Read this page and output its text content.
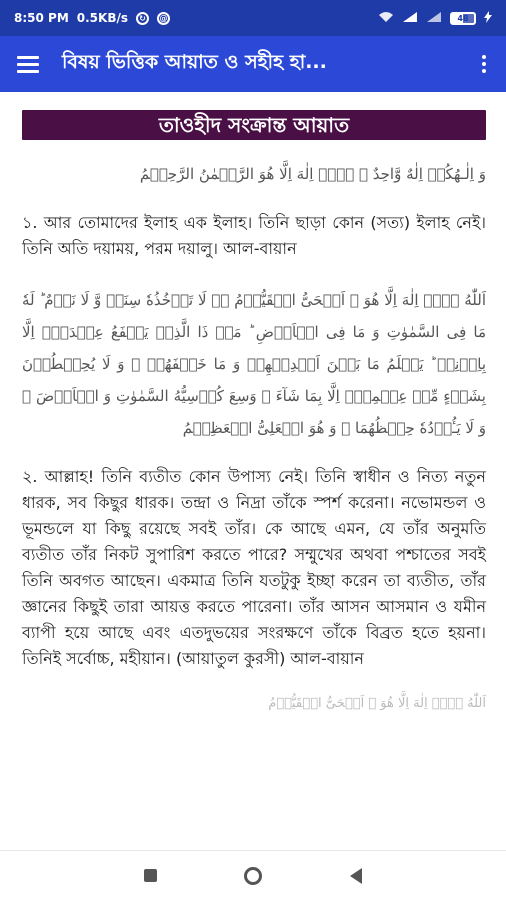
8:50 PM 0.5KB/s	↻	@	48
বিষয় ভিত্তিক আয়াত ও সহীহ হা...
তাওহীদ সংক্রান্ত আয়াত

وَ اِلٰـهُكُمۡ اِلٰهٌ وَّاحِدٌ ۚ لَاۤ اِلٰهَ اِلَّا هُوَ الرَّحۡمٰنُ الرَّحِیۡمُ

১. আর তোমাদের ইলাহ এক ইলাহ। তিনি ছাড়া কোন (সত্য) ইলাহ নেই। তিনি অতি দয়াময়, পরম দয়ালু। আল-বায়ান

اَللّٰهُ لَاۤ اِلٰهَ اِلَّا هُوَ ۚ اَلۡحَیُّ الۡقَیُّوۡمُ ۬ۚ لَا تَاۡخُذُهٗ سِنَۃٌ وَّ لَا نَوۡمٌ ؕ لَهٗ مَا فِی السَّمٰوٰتِ وَ مَا فِی الۡاَرۡضِ ؕ مَنۡ ذَا الَّذِیۡ یَشۡفَعُ عِنۡدَهٗۤ اِلَّا بِاِذۡنِهٖ ؕ یَعۡلَمُ مَا بَیۡنَ اَیۡدِیۡهِمۡ وَ مَا خَلۡفَهُمۡ ۚ وَ لَا یُحِیۡطُوۡنَ بِشَیۡءٍ مِّنۡ عِلۡمِهٖۤ اِلَّا بِمَا شَآءَ ۚ وَسِعَ کُرۡسِیُّهُ السَّمٰوٰتِ وَ الۡاَرۡضَ ۚ وَ لَا یَـُٔوۡدُهٗ حِفۡظُهُمَا ۚ وَ هُوَ الۡعَلِیُّ الۡعَظِیۡمُ

২. আল্লাহ! তিনি ব্যতীত কোন উপাস্য নেই। তিনি স্বাধীন ও নিত্য নতুন ধারক, সব কিছুর ধারক। তন্দ্রা ও নিদ্রা তাঁকে স্পর্শ করেনা। নভোমন্ডল ও ভূমন্ডলে যা কিছু রয়েছে সবই তাঁর। কে আছে এমন, যে তাঁর অনুমতি ব্যতীত তাঁর নিকট সুপারিশ করতে পারে? সম্মুখের অথবা পশ্চাতের সবই তিনি অবগত আছেন। একমাত্র তিনি যতটুকু ইচ্ছা করেন তা ব্যতীত, তাঁর জ্ঞানের কিছুই তারা আয়ত্ত করতে পারেনা। তাঁর আসন আসমান ও যমীন ব্যাপী হয়ে আছে এবং এতদুভয়ের সংরক্ষণে তাঁকে বিব্রত হতে হয়না। তিনিই সর্বোচ্চ, মহীয়ান। (আয়াতুল কুরসী) আল-বায়ান

اَللّٰهُ لَاۤ اِلٰهَ اِلَّا هُوَ ۙ اَلۡحَیُّ الۡقَیُّوۡمُ
